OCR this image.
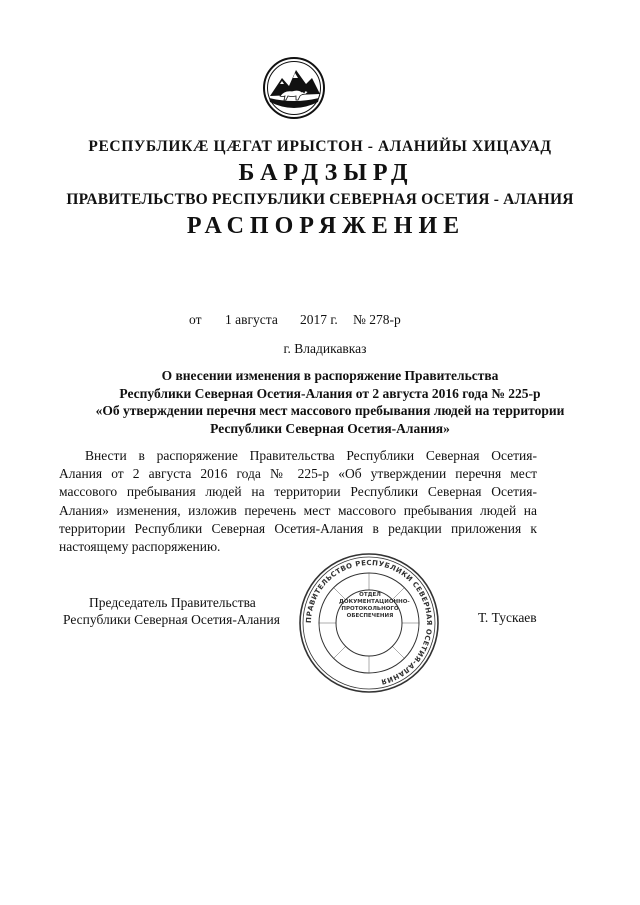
РЕСПУБЛИКӔ ЦӔГАТ ИРЫСТОН - АЛАНИЙЫ ХИЦАУАД
БАРДЗЫРД
ПРАВИТЕЛЬСТВО РЕСПУБЛИКИ СЕВЕРНАЯ ОСЕТИЯ - АЛАНИЯ
РАСПОРЯЖЕНИЕ
от 1 августа 2017 г. № 278-р
г. Владикавказ
О внесении изменения в распоряжение Правительства
Республики Северная Осетия-Алания от 2 августа 2016 года № 225-р
«Об утверждении перечня мест массового пребывания людей на территории
Республики Северная Осетия-Алания»
Внести в распоряжение Правительства Республики Северная Осетия-
Алания от 2 августа 2016 года № 225-р «Об утверждении перечня мест
массового пребывания людей на территории Республики Северная Осетия-
Алания» изменения, изложив перечень мест массового пребывания людей на
территории Республики Северная Осетия-Алания в редакции приложения к
настоящему распоряжению.
ПРАВИТЕЛЬСТВО РЕСПУБЛИКИ СЕВЕРНАЯ ОСЕТИЯ-АЛАНИЯ
ОТДЕЛ
ДОКУМЕНТАЦИОННО-
ПРОТОКОЛЬНОГО
ОБЕСПЕЧЕНИЯ
Председатель Правительства
Республики Северная Осетия-Алания	Т. Тускаев
